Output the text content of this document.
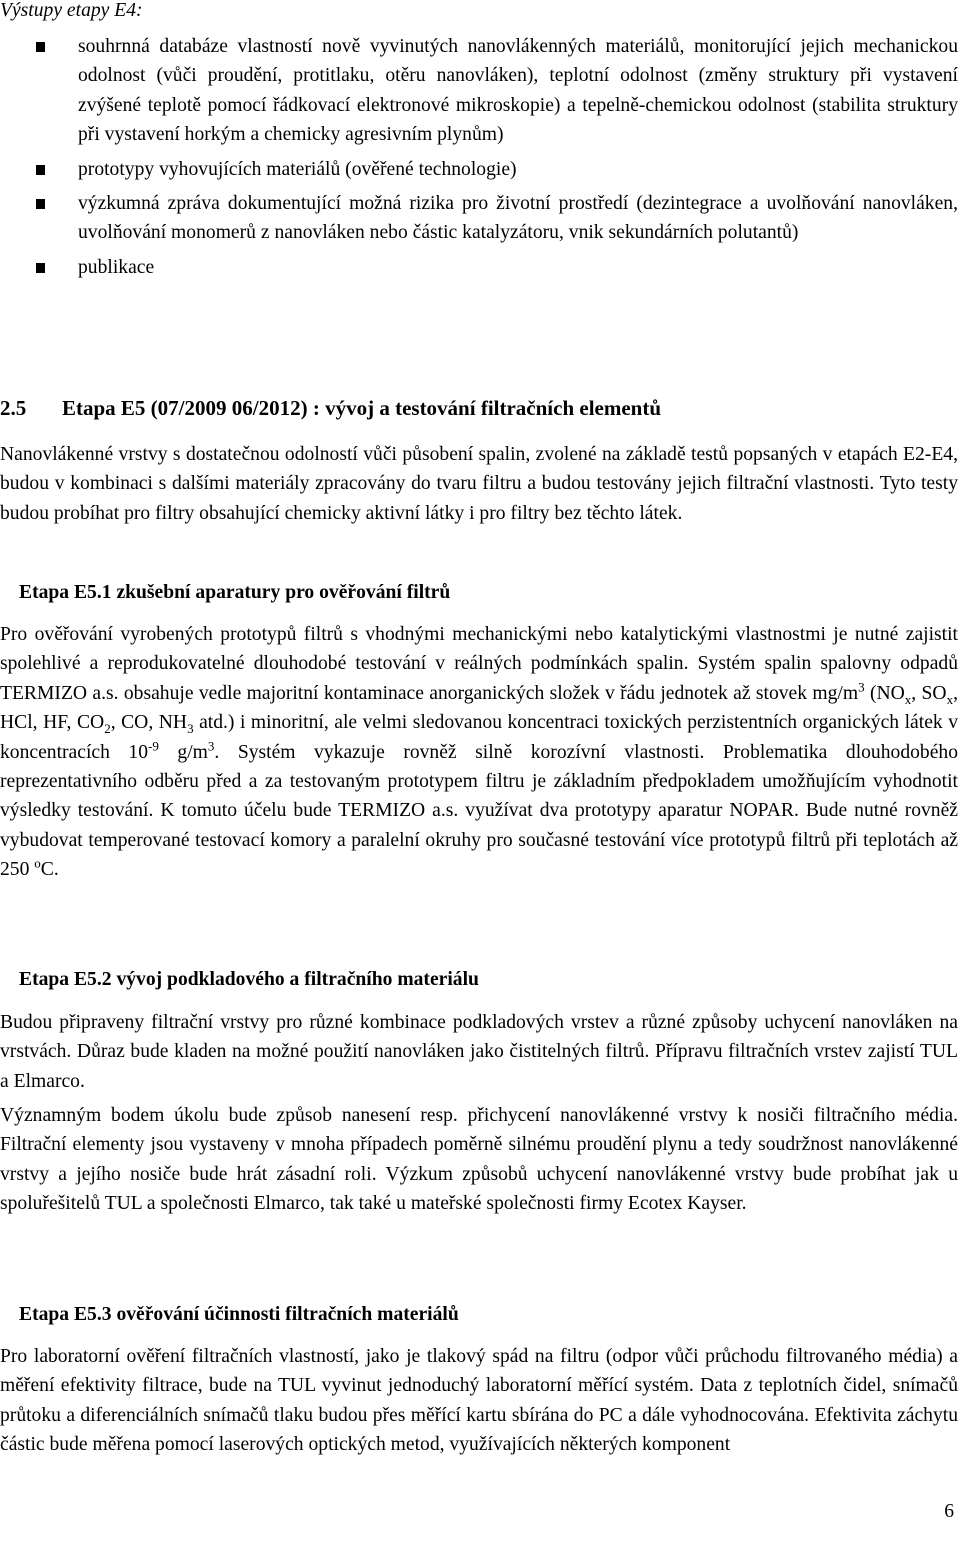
Výstupy etapy E4:
souhrnná databáze vlastností nově vyvinutých nanovlákenných materiálů, monitorující jejich mechanickou odolnost (vůči proudění, protitlaku, otěru nanovláken), teplotní odolnost (změny struktury při vystavení zvýšené teplotě pomocí řádkovací elektronové mikroskopie) a tepelně-chemickou odolnost (stabilita struktury při vystavení horkým a chemicky agresivním plynům)
prototypy vyhovujících materiálů (ověřené technologie)
výzkumná zpráva dokumentující možná rizika pro životní prostředí (dezintegrace a uvolňování nanovláken, uvolňování monomerů z nanovláken nebo částic katalyzátoru, vnik sekundárních polutantů)
publikace
2.5 Etapa E5 (07/2009 06/2012) : vývoj a testování filtračních elementů

Nanovlákenné vrstvy s dostatečnou odolností vůči působení spalin, zvolené na základě testů popsaných v etapách E2-E4, budou v kombinaci s dalšími materiály zpracovány do tvaru filtru a budou testovány jejich filtrační vlastnosti. Tyto testy budou probíhat pro filtry obsahující chemicky aktivní látky i pro filtry bez těchto látek.

Etapa E5.1 zkušební aparatury pro ověřování filtrů

Pro ověřování vyrobených prototypů filtrů s vhodnými mechanickými nebo katalytickými vlastnostmi je nutné zajistit spolehlivé a reprodukovatelné dlouhodobé testování v reálných podmínkách spalin. Systém spalin spalovny odpadů TERMIZO a.s. obsahuje vedle majoritní kontaminace anorganických složek v řádu jednotek až stovek $mg/m^3$ ($NO_x$, $SO_x$, HCl, HF, $CO_2$, CO, $NH_3$ atd.) i minoritní, ale velmi sledovanou koncentraci toxických perzistentních organických látek v koncentracích $10^{-9}$ $g/m^3$. Systém vykazuje rovněž silně korozívní vlastnosti. Problematika dlouhodobého reprezentativního odběru před a za testovaným prototypem filtru je základním předpokladem umožňujícím vyhodnotit výsledky testování. K tomuto účelu bude TERMIZO a.s. využívat dva prototypy aparatur NOPAR. Bude nutné rovněž vybudovat temperované testovací komory a paralelní okruhy pro současné testování více prototypů filtrů při teplotách až 250 $^o$C.

Etapa E5.2 vývoj podkladového a filtračního materiálu

Budou připraveny filtrační vrstvy pro různé kombinace podkladových vrstev a různé způsoby uchycení nanovláken na vrstvách. Důraz bude kladen na možné použití nanovláken jako čistitelných filtrů. Přípravu filtračních vrstev zajistí TUL a Elmarco.

Významným bodem úkolu bude způsob nanesení resp. přichycení nanovlákenné vrstvy k nosiči filtračního média. Filtrační elementy jsou vystaveny v mnoha případech poměrně silnému proudění plynu a tedy soudržnost nanovlákenné vrstvy a jejího nosiče bude hrát zásadní roli. Výzkum způsobů uchycení nanovlákenné vrstvy bude probíhat jak u spoluřešitelů TUL a společnosti Elmarco, tak také u mateřské společnosti firmy Ecotex Kayser.

Etapa E5.3 ověřování účinnosti filtračních materiálů

Pro laboratorní ověření filtračních vlastností, jako je tlakový spád na filtru (odpor vůči průchodu filtrovaného média) a měření efektivity filtrace, bude na TUL vyvinut jednoduchý laboratorní měřící systém. Data z teplotních čidel, snímačů průtoku a diferenciálních snímačů tlaku budou přes měřící kartu sbírána do PC a dále vyhodnocována. Efektivita záchytu částic bude měřena pomocí laserových optických metod, využívajících některých komponent

6
